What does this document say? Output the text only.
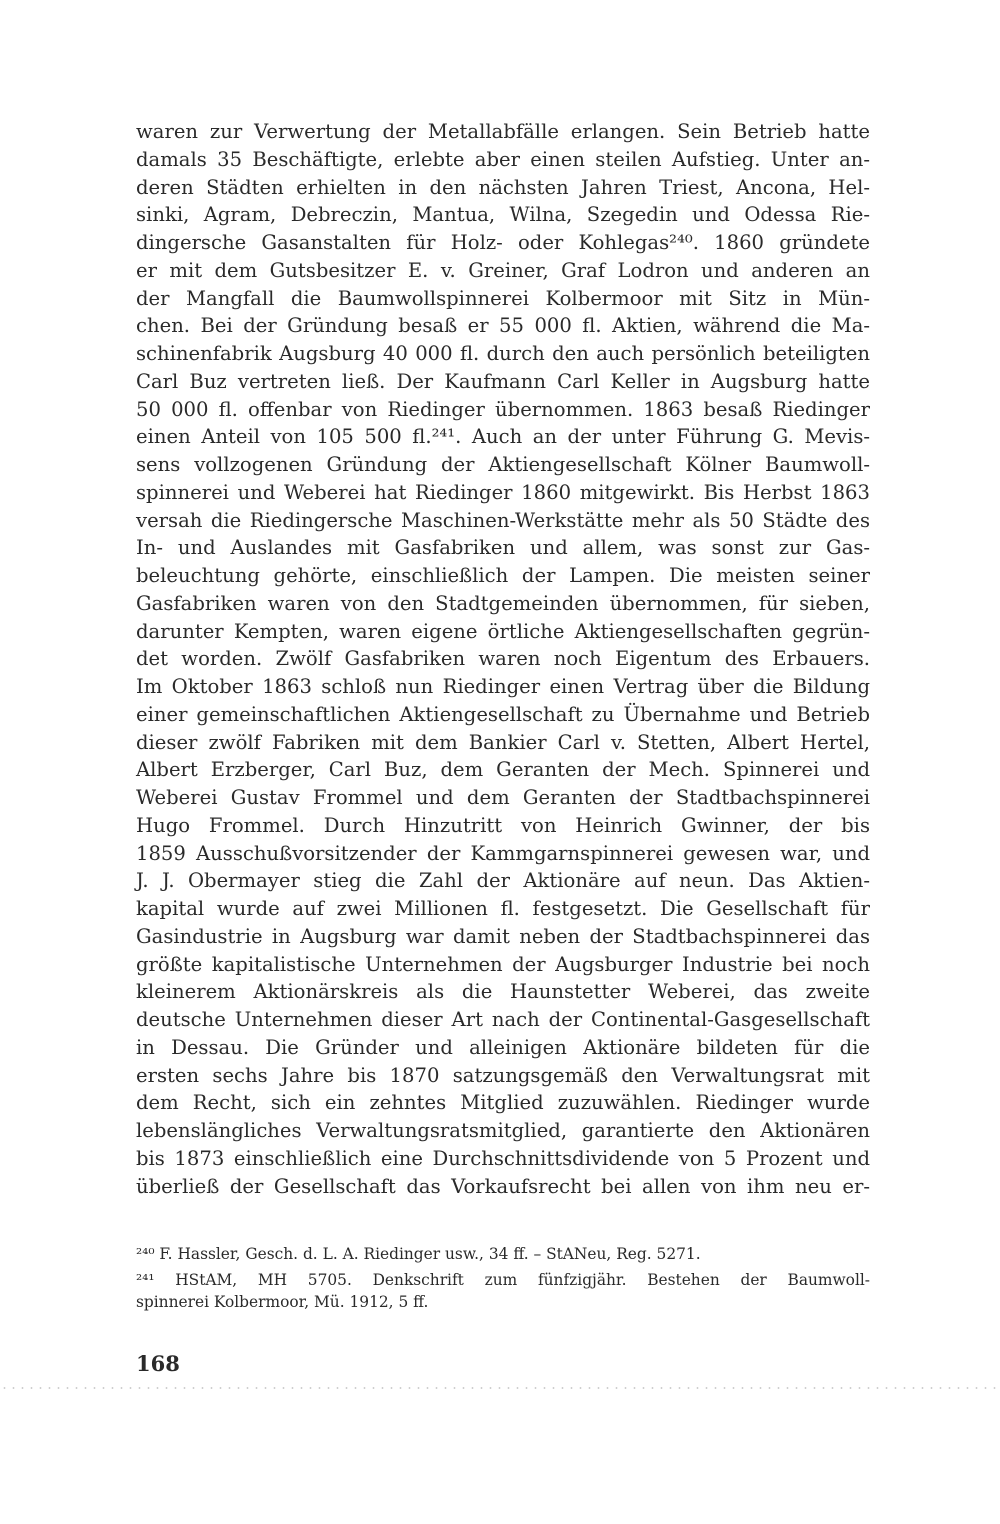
waren zur Verwertung der Metallabfälle erlangen. Sein Betrieb hatte
damals 35 Beschäftigte, erlebte aber einen steilen Aufstieg. Unter an-
deren Städten erhielten in den nächsten Jahren Triest, Ancona, Hel-
sinki, Agram, Debreczin, Mantua, Wilna, Szegedin und Odessa Rie-
dingersche Gasanstalten für Holz- oder Kohlegas²⁴⁰. 1860 gründete
er mit dem Gutsbesitzer E. v. Greiner, Graf Lodron und anderen an
der Mangfall die Baumwollspinnerei Kolbermoor mit Sitz in Mün-
chen. Bei der Gründung besaß er 55 000 fl. Aktien, während die Ma-
schinenfabrik Augsburg 40 000 fl. durch den auch persönlich beteiligten
Carl Buz vertreten ließ. Der Kaufmann Carl Keller in Augsburg hatte
50 000 fl. offenbar von Riedinger übernommen. 1863 besaß Riedinger
einen Anteil von 105 500 fl.²⁴¹. Auch an der unter Führung G. Mevis-
sens vollzogenen Gründung der Aktiengesellschaft Kölner Baumwoll-
spinnerei und Weberei hat Riedinger 1860 mitgewirkt. Bis Herbst 1863
versah die Riedingersche Maschinen-Werkstätte mehr als 50 Städte des
In- und Auslandes mit Gasfabriken und allem, was sonst zur Gas-
beleuchtung gehörte, einschließlich der Lampen. Die meisten seiner
Gasfabriken waren von den Stadtgemeinden übernommen, für sieben,
darunter Kempten, waren eigene örtliche Aktiengesellschaften gegrün-
det worden. Zwölf Gasfabriken waren noch Eigentum des Erbauers.
Im Oktober 1863 schloß nun Riedinger einen Vertrag über die Bildung
einer gemeinschaftlichen Aktiengesellschaft zu Übernahme und Betrieb
dieser zwölf Fabriken mit dem Bankier Carl v. Stetten, Albert Hertel,
Albert Erzberger, Carl Buz, dem Geranten der Mech. Spinnerei und
Weberei Gustav Frommel und dem Geranten der Stadtbachspinnerei
Hugo Frommel. Durch Hinzutritt von Heinrich Gwinner, der bis
1859 Ausschußvorsitzender der Kammgarnspinnerei gewesen war, und
J. J. Obermayer stieg die Zahl der Aktionäre auf neun. Das Aktien-
kapital wurde auf zwei Millionen fl. festgesetzt. Die Gesellschaft für
Gasindustrie in Augsburg war damit neben der Stadtbachspinnerei das
größte kapitalistische Unternehmen der Augsburger Industrie bei noch
kleinerem Aktionärskreis als die Haunstetter Weberei, das zweite
deutsche Unternehmen dieser Art nach der Continental-Gasgesellschaft
in Dessau. Die Gründer und alleinigen Aktionäre bildeten für die
ersten sechs Jahre bis 1870 satzungsgemäß den Verwaltungsrat mit
dem Recht, sich ein zehntes Mitglied zuzuwählen. Riedinger wurde
lebenslängliches Verwaltungsratsmitglied, garantierte den Aktionären
bis 1873 einschließlich eine Durchschnittsdividende von 5 Prozent und
überließ der Gesellschaft das Vorkaufsrecht bei allen von ihm neu er-
²⁴⁰ F. Hassler, Gesch. d. L. A. Riedinger usw., 34 ff. – StANeu, Reg. 5271.
²⁴¹ HStAM, MH 5705. Denkschrift zum fünfzigjähr. Bestehen der Baumwoll-
spinnerei Kolbermoor, Mü. 1912, 5 ff.
168
